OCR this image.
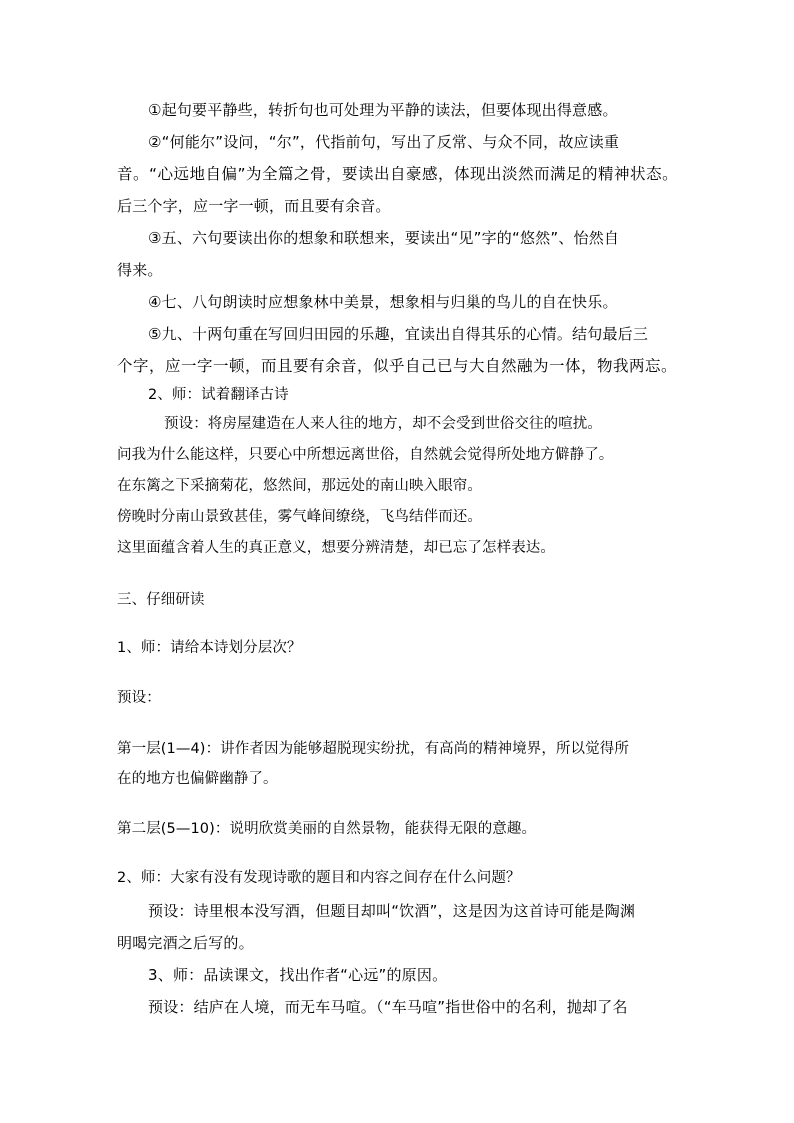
①起句要平静些，转折句也可处理为平静的读法，但要体现出得意感。
②“何能尔”设问，“尔”，代指前句，写出了反常、与众不同，故应读重
音。“心远地自偏”为全篇之骨，要读出自豪感，体现出淡然而满足的精神状态。
后三个字，应一字一顿，而且要有余音。
③五、六句要读出你的想象和联想来，要读出“见”字的“悠然”、怡然自
得来。
④七、八句朗读时应想象林中美景，想象相与归巢的鸟儿的自在快乐。
⑤九、十两句重在写回归田园的乐趣，宜读出自得其乐的心情。结句最后三
个字，应一字一顿，而且要有余音，似乎自己已与大自然融为一体，物我两忘。
2、师：试着翻译古诗
预设：将房屋建造在人来人往的地方，却不会受到世俗交往的喧扰。
问我为什么能这样，只要心中所想远离世俗，自然就会觉得所处地方僻静了。
在东篱之下采摘菊花，悠然间，那远处的南山映入眼帘。
傍晚时分南山景致甚佳，雾气峰间缭绕，飞鸟结伴而还。
这里面蕴含着人生的真正意义，想要分辨清楚，却已忘了怎样表达。
三、仔细研读
1、师：请给本诗划分层次？
预设：
第一层(1—4)：讲作者因为能够超脱现实纷扰，有高尚的精神境界，所以觉得所
在的地方也偏僻幽静了。
第二层(5—10)：说明欣赏美丽的自然景物，能获得无限的意趣。
2、师：大家有没有发现诗歌的题目和内容之间存在什么问题？
预设：诗里根本没写酒，但题目却叫“饮酒”，这是因为这首诗可能是陶渊
明喝完酒之后写的。
3、师：品读课文，找出作者“心远”的原因。
预设：结庐在人境，而无车马喧。（“车马喧”指世俗中的名利，抛却了名
